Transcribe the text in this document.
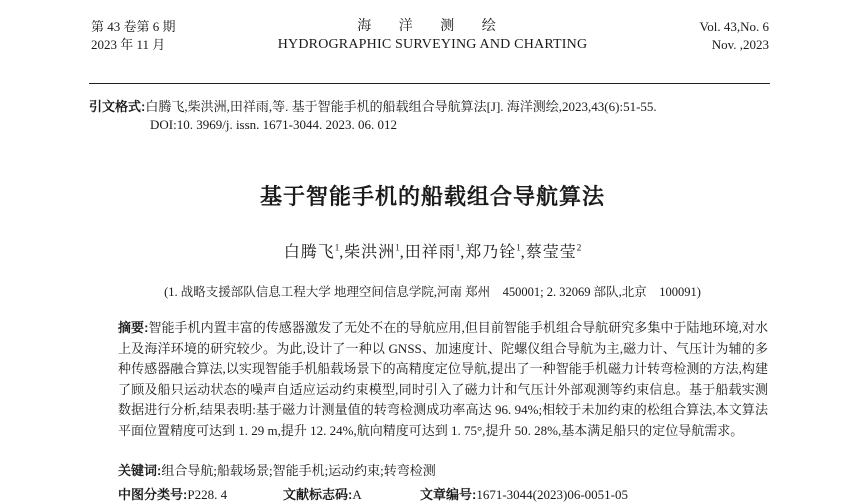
第 43 卷第 6 期
2023 年 11 月
海 洋 测 绘
HYDROGRAPHIC SURVEYING AND CHARTING
Vol. 43,No. 6
Nov. ,2023
引文格式:白腾飞,柴洪洲,田祥雨,等. 基于智能手机的船载组合导航算法[J]. 海洋测绘,2023,43(6):51-55.
DOI:10. 3969/j. issn. 1671-3044. 2023. 06. 012
基于智能手机的船载组合导航算法
白腾飞$^1$,柴洪洲$^1$,田祥雨$^1$,郑乃铨$^1$,蔡莹莹$^2$
(1. 战略支援部队信息工程大学 地理空间信息学院,河南 郑州　450001; 2. 32069 部队,北京　100091)

摘要:智能手机内置丰富的传感器激发了无处不在的导航应用,但目前智能手机组合导航研究多集中于陆地环境,对水上及海洋环境的研究较少。为此,设计了一种以 GNSS、加速度计、陀螺仪组合导航为主,磁力计、气压计为辅的多种传感器融合算法,以实现智能手机船载场景下的高精度定位导航,提出了一种智能手机磁力计转弯检测的方法,构建了顾及船只运动状态的噪声自适应运动约束模型,同时引入了磁力计和气压计外部观测等约束信息。基于船载实测数据进行分析,结果表明:基于磁力计测量值的转弯检测成功率高达 96. 94%;相较于未加约束的松组合算法,本文算法平面位置精度可达到 1. 29 m,提升 12. 24%,航向精度可达到 1. 75°,提升 50. 28%,基本满足船只的定位导航需求。

关键词:组合导航;船载场景;智能手机;运动约束;转弯检测
中图分类号:P228. 4	文献标志码:A	文章编号:1671-3044(2023)06-0051-05
